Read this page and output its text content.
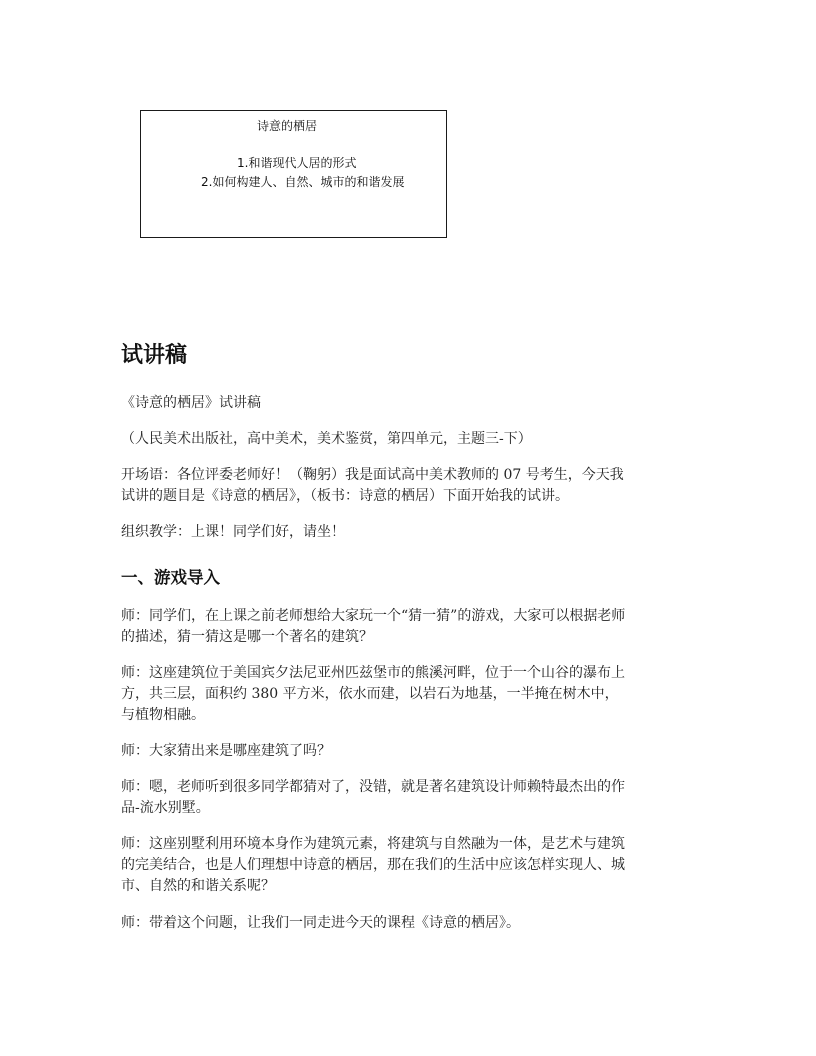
诗意的栖居
1.和谐现代人居的形式
2.如何构建人、自然、城市的和谐发展
试讲稿

《诗意的栖居》试讲稿

（人民美术出版社，高中美术，美术鉴赏，第四单元，主题三-下）

开场语：各位评委老师好！（鞠躬）我是面试高中美术教师的 07 号考生，今天我
试讲的题目是《诗意的栖居》，（板书：诗意的栖居）下面开始我的试讲。

组织教学：上课！同学们好，请坐！

一、游戏导入

师：同学们，在上课之前老师想给大家玩一个“猜一猜”的游戏，大家可以根据老师
的描述，猜一猜这是哪一个著名的建筑？

师：这座建筑位于美国宾夕法尼亚州匹兹堡市的熊溪河畔，位于一个山谷的瀑布上
方，共三层，面积约 380 平方米，依水而建，以岩石为地基，一半掩在树木中，
与植物相融。

师：大家猜出来是哪座建筑了吗？

师：嗯，老师听到很多同学都猜对了，没错，就是著名建筑设计师赖特最杰出的作
品-流水别墅。

师：这座别墅利用环境本身作为建筑元素，将建筑与自然融为一体，是艺术与建筑
的完美结合，也是人们理想中诗意的栖居，那在我们的生活中应该怎样实现人、城
市、自然的和谐关系呢？

师：带着这个问题，让我们一同走进今天的课程《诗意的栖居》。
